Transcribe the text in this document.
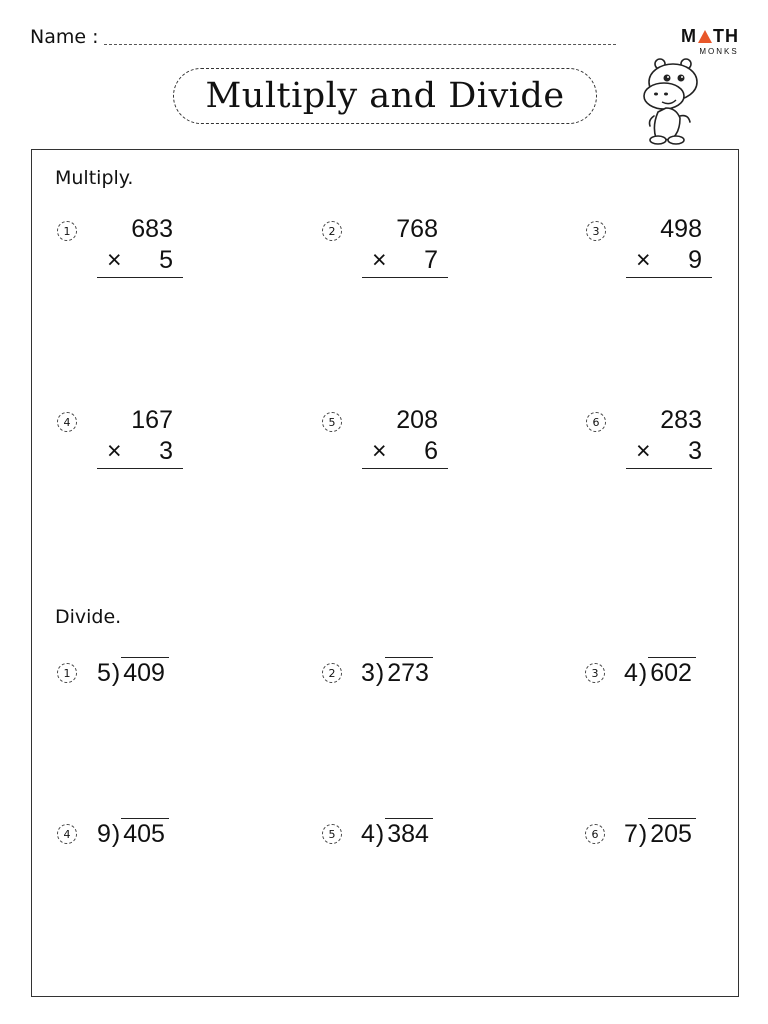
Name :
Multiply and Divide
M TH
MONKS
Multiply.
1	683
× 5
2	768
× 7
3	498
× 9
4	167
× 3
5	208
× 6
6	283
× 3
Divide.
1 5 ) 409	2 3 ) 273	3 4 ) 602
4 9 ) 405	5 4 ) 384	6 7 ) 205
